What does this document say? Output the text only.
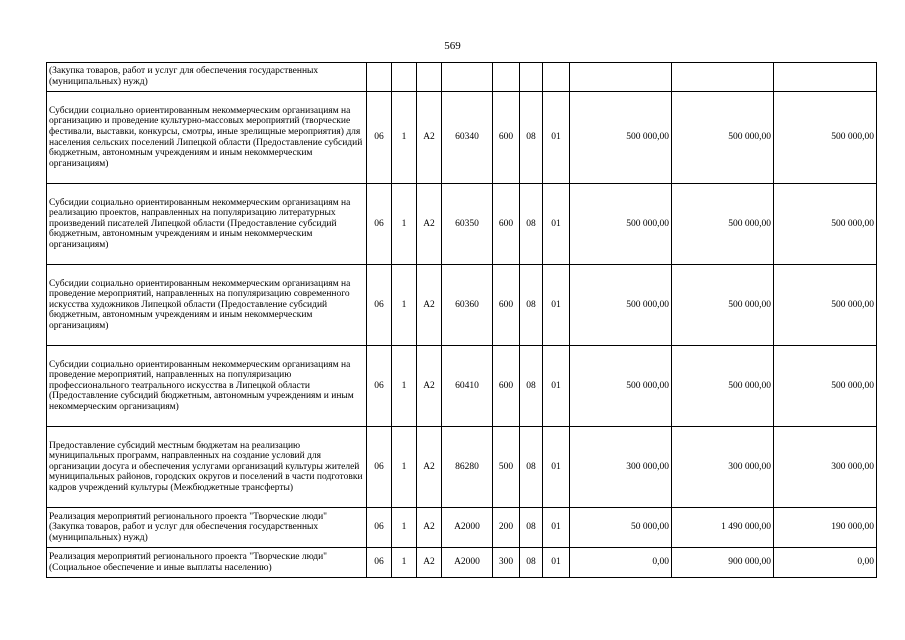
569
(Закупка товаров, работ и услуг для обеспечения государственных (муниципальных) нужд)										
Субсидии социально ориентированным некоммерческим организациям на организацию и проведение культурно-массовых мероприятий (творческие фестивали, выставки, конкурсы, смотры, иные зрелищные мероприятия) для населения сельских поселений Липецкой области (Предоставление субсидий бюджетным, автономным учреждениям и иным некоммерческим организациям)	06	1	A2	60340	600	08	01	500 000,00	500 000,00	500 000,00
Субсидии социально ориентированным некоммерческим организациям на реализацию проектов, направленных на популяризацию литературных произведений писателей Липецкой области (Предоставление субсидий бюджетным, автономным учреждениям и иным некоммерческим организациям)	06	1	A2	60350	600	08	01	500 000,00	500 000,00	500 000,00
Субсидии социально ориентированным некоммерческим организациям на проведение мероприятий, направленных на популяризацию современного искусства художников Липецкой области (Предоставление субсидий бюджетным, автономным учреждениям и иным некоммерческим организациям)	06	1	A2	60360	600	08	01	500 000,00	500 000,00	500 000,00
Субсидии социально ориентированным некоммерческим организациям на проведение мероприятий, направленных на популяризацию профессионального театрального искусства в Липецкой области (Предоставление субсидий бюджетным, автономным учреждениям и иным некоммерческим организациям)	06	1	A2	60410	600	08	01	500 000,00	500 000,00	500 000,00
Предоставление субсидий местным бюджетам на реализацию муниципальных программ, направленных на создание условий для организации досуга и обеспечения услугами организаций культуры жителей муниципальных районов, городских округов и поселений в части подготовки кадров учреждений культуры (Межбюджетные трансферты)	06	1	A2	86280	500	08	01	300 000,00	300 000,00	300 000,00
Реализация мероприятий регионального проекта "Творческие люди" (Закупка товаров, работ и услуг для обеспечения государственных (муниципальных) нужд)	06	1	A2	A2000	200	08	01	50 000,00	1 490 000,00	190 000,00
Реализация мероприятий регионального проекта "Творческие люди" (Социальное обеспечение и иные выплаты населению)	06	1	A2	A2000	300	08	01	0,00	900 000,00	0,00
